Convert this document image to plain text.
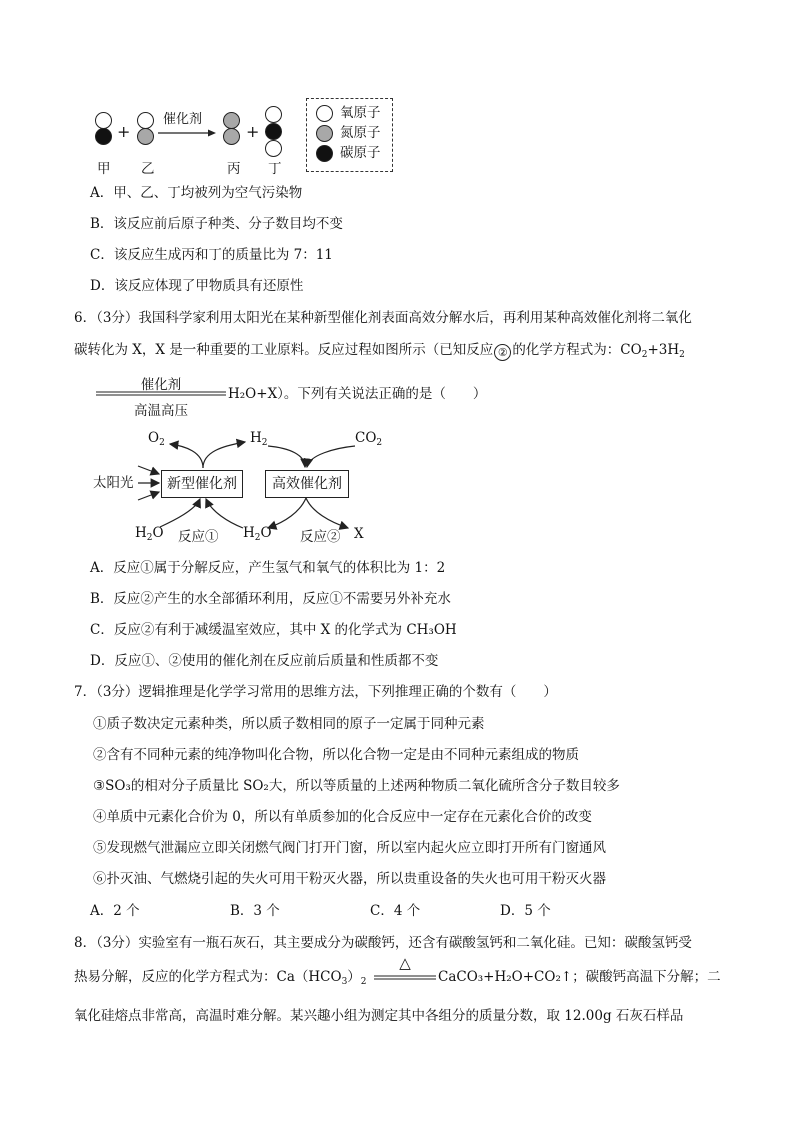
+
催化剂
+
甲 乙	丙 丁
氧原子
氮原子
碳原子
A．甲、乙、丁均被列为空气污染物
B．该反应前后原子种类、分子数目均不变
C．该反应生成丙和丁的质量比为 7：11
D．该反应体现了甲物质具有还原性
6．（3分）我国科学家利用太阳光在某种新型催化剂表面高效分解水后，再利用某种高效催化剂将二氧化
碳转化为 X，X 是一种重要的工业原料。反应过程如图所示（已知反应 ② 的化学方程式为：$CO_2+3H_2$
催化剂
高温高压
H₂O+X）。下列有关说法正确的是（　　）
$O_2$	$H_2$	$CO_2$
太阳光	新型催化剂	高效催化剂
$H_2O$	$H_2O$
反应①	反应② X
A．反应①属于分解反应，产生氢气和氧气的体积比为 1：2
B．反应②产生的水全部循环利用，反应①不需要另外补充水
C．反应②有利于减缓温室效应，其中 X 的化学式为 CH₃OH
D．反应①、②使用的催化剂在反应前后质量和性质都不变
7．（3分）逻辑推理是化学学习常用的思维方法，下列推理正确的个数有（　　）
①质子数决定元素种类，所以质子数相同的原子一定属于同种元素
②含有不同种元素的纯净物叫化合物，所以化合物一定是由不同种元素组成的物质
③SO₃的相对分子质量比 SO₂大，所以等质量的上述两种物质二氧化硫所含分子数目较多
④单质中元素化合价为 0，所以有单质参加的化合反应中一定存在元素化合价的改变
⑤发现燃气泄漏应立即关闭燃气阀门打开门窗，所以室内起火应立即打开所有门窗通风
⑥扑灭油、气燃烧引起的失火可用干粉灭火器，所以贵重设备的失火也可用干粉灭火器
A．2 个	B．3 个	C．4 个	D．5 个
8．（3分）实验室有一瓶石灰石，其主要成分为碳酸钙，还含有碳酸氢钙和二氧化硅。已知：碳酸氢钙受
热易分解，反应的化学方程式为：$Ca(HCO_3)_2$
△
CaCO₃+H₂O+CO₂↑；碳酸钙高温下分解；二
氧化硅熔点非常高，高温时难分解。某兴趣小组为测定其中各组分的质量分数，取 12.00g 石灰石样品
